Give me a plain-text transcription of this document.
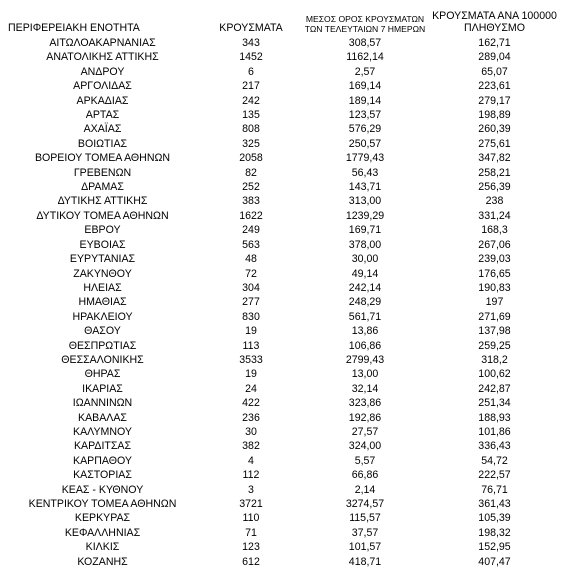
ΠΕΡΙΦΕΡΕΙΑΚΗ ΕΝΟΤΗΤΑ	ΚΡΟΥΣΜΑΤΑ	ΜΕΣΟΣ ΟΡΟΣ ΚΡΟΥΣΜΑΤΩΝ
ΤΩΝ ΤΕΛΕΥΤΑΙΩΝ 7 ΗΜΕΡΩΝ	ΚΡΟΥΣΜΑΤΑ ΑΝΑ 100000
ΠΛΗΘΥΣΜΟ
ΑΙΤΩΛΟΑΚΑΡΝΑΝΙΑΣ	343	308,57	162,71
ΑΝΑΤΟΛΙΚΗΣ ΑΤΤΙΚΗΣ	1452	1162,14	289,04
ΑΝΔΡΟΥ	6	2,57	65,07
ΑΡΓΟΛΙΔΑΣ	217	169,14	223,61
ΑΡΚΑΔΙΑΣ	242	189,14	279,17
ΑΡΤΑΣ	135	123,57	198,89
ΑΧΑΪΑΣ	808	576,29	260,39
ΒΟΙΩΤΙΑΣ	325	250,57	275,61
ΒΟΡΕΙΟΥ ΤΟΜΕΑ ΑΘΗΝΩΝ	2058	1779,43	347,82
ΓΡΕΒΕΝΩΝ	82	56,43	258,21
ΔΡΑΜΑΣ	252	143,71	256,39
ΔΥΤΙΚΗΣ ΑΤΤΙΚΗΣ	383	313,00	238
ΔΥΤΙΚΟΥ ΤΟΜΕΑ ΑΘΗΝΩΝ	1622	1239,29	331,24
ΕΒΡΟΥ	249	169,71	168,3
ΕΥΒΟΙΑΣ	563	378,00	267,06
ΕΥΡΥΤΑΝΙΑΣ	48	30,00	239,03
ΖΑΚΥΝΘΟΥ	72	49,14	176,65
ΗΛΕΙΑΣ	304	242,14	190,83
ΗΜΑΘΙΑΣ	277	248,29	197
ΗΡΑΚΛΕΙΟΥ	830	561,71	271,69
ΘΑΣΟΥ	19	13,86	137,98
ΘΕΣΠΡΩΤΙΑΣ	113	106,86	259,25
ΘΕΣΣΑΛΟΝΙΚΗΣ	3533	2799,43	318,2
ΘΗΡΑΣ	19	13,00	100,62
ΙΚΑΡΙΑΣ	24	32,14	242,87
ΙΩΑΝΝΙΝΩΝ	422	323,86	251,34
ΚΑΒΑΛΑΣ	236	192,86	188,93
ΚΑΛΥΜΝΟΥ	30	27,57	101,86
ΚΑΡΔΙΤΣΑΣ	382	324,00	336,43
ΚΑΡΠΑΘΟΥ	4	5,57	54,72
ΚΑΣΤΟΡΙΑΣ	112	66,86	222,57
ΚΕΑΣ - ΚΥΘΝΟΥ	3	2,14	76,71
ΚΕΝΤΡΙΚΟΥ ΤΟΜΕΑ ΑΘΗΝΩΝ	3721	3274,57	361,43
ΚΕΡΚΥΡΑΣ	110	115,57	105,39
ΚΕΦΑΛΛΗΝΙΑΣ	71	37,57	198,32
ΚΙΛΚΙΣ	123	101,57	152,95
ΚΟΖΑΝΗΣ	612	418,71	407,47
